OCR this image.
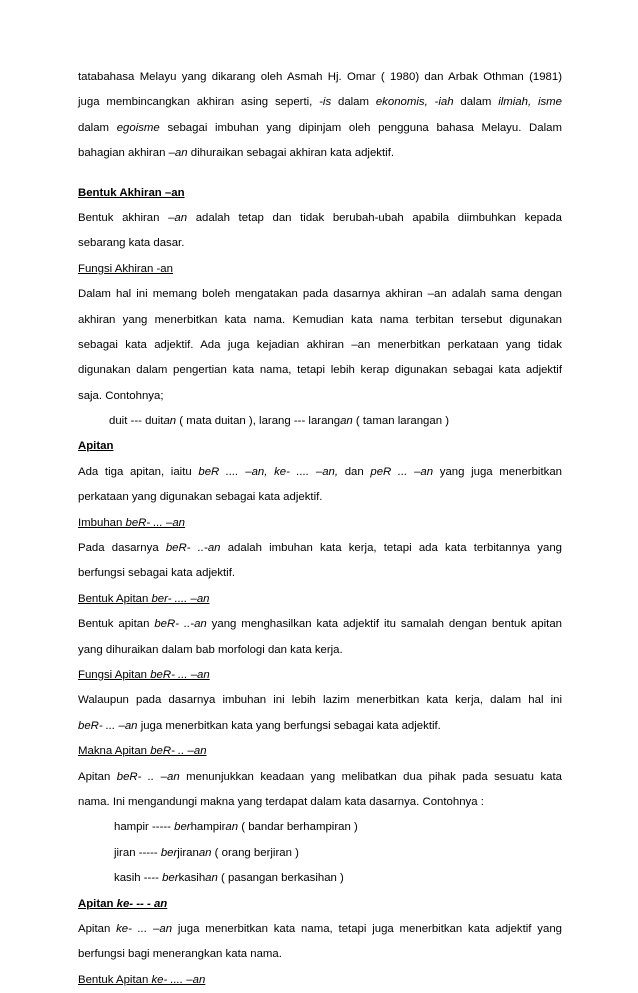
tatabahasa Melayu yang dikarang oleh Asmah Hj. Omar ( 1980) dan Arbak Othman (1981)
juga membincangkan akhiran asing seperti, -is dalam ekonomis, -iah dalam ilmiah, isme
dalam egoisme sebagai imbuhan yang dipinjam oleh pengguna bahasa Melayu. Dalam
bahagian akhiran –an dihuraikan sebagai akhiran kata adjektif.
Bentuk Akhiran –an
Bentuk akhiran –an adalah tetap dan tidak berubah-ubah apabila diimbuhkan kepada
sebarang kata dasar.
Fungsi Akhiran -an
Dalam hal ini memang boleh mengatakan pada dasarnya akhiran –an adalah sama dengan
akhiran yang menerbitkan kata nama. Kemudian kata nama terbitan tersebut digunakan
sebagai kata adjektif. Ada juga kejadian akhiran –an menerbitkan perkataan yang tidak
digunakan dalam pengertian kata nama, tetapi lebih kerap digunakan sebagai kata adjektif
saja. Contohnya;
duit --- duitan ( mata duitan ), larang --- larangan ( taman larangan )
Apitan
Ada tiga apitan, iaitu beR .... –an, ke- .... –an, dan peR ... –an yang juga menerbitkan
perkataan yang digunakan sebagai kata adjektif.
Imbuhan beR- ... –an
Pada dasarnya beR- ..-an adalah imbuhan kata kerja, tetapi ada kata terbitannya yang
berfungsi sebagai kata adjektif.
Bentuk Apitan ber- .... –an
Bentuk apitan beR- ..-an yang menghasilkan kata adjektif itu samalah dengan bentuk apitan
yang dihuraikan dalam bab morfologi dan kata kerja.
Fungsi Apitan beR- ... –an
Walaupun pada dasarnya imbuhan ini lebih lazim menerbitkan kata kerja, dalam hal ini
beR- ... –an juga menerbitkan kata yang berfungsi sebagai kata adjektif.
Makna Apitan beR- .. –an
Apitan beR- .. –an menunjukkan keadaan yang melibatkan dua pihak pada sesuatu kata
nama. Ini mengandungi makna yang terdapat dalam kata dasarnya. Contohnya :
hampir ----- berhampiran ( bandar berhampiran )
jiran ----- berjiranan ( orang berjiran )
kasih ---- berkasihan ( pasangan berkasihan )
Apitan ke- -- - an
Apitan ke- ... –an juga menerbitkan kata nama, tetapi juga menerbitkan kata adjektif yang
berfungsi bagi menerangkan kata nama.
Bentuk Apitan ke- .... –an
